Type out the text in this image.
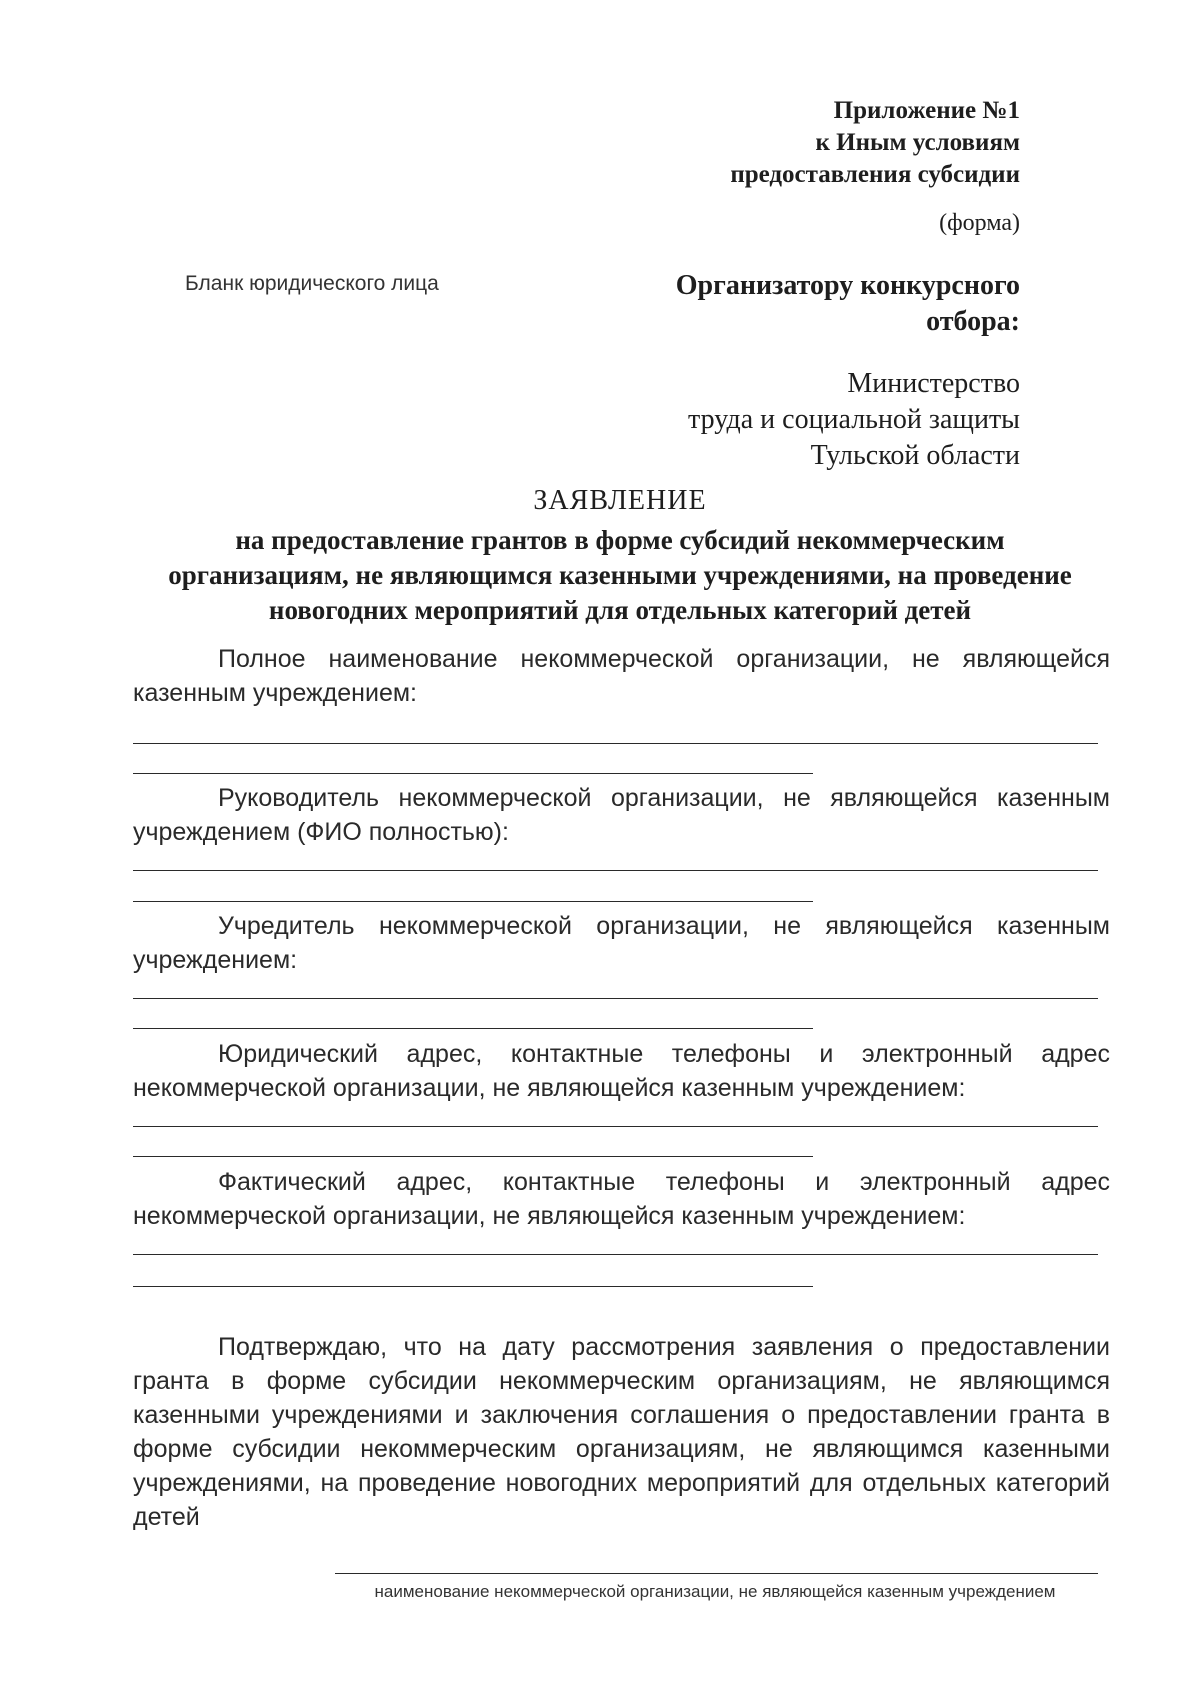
Приложение №1
к Иным условиям
предоставления субсидии
(форма)
Бланк юридического лица	Организатору конкурсного
отбора:
Министерство
труда и социальной защиты
Тульской области
ЗАЯВЛЕНИЕ
на предоставление грантов в форме субсидий некоммерческим
организациям, не являющимся казенными учреждениями, на проведение
новогодних мероприятий для отдельных категорий детей
Полное наименование некоммерческой организации, не являющейся казенным учреждением:
Руководитель некоммерческой организации, не являющейся казенным учреждением (ФИО полностью):
Учредитель некоммерческой организации, не являющейся казенным учреждением:
Юридический адрес, контактные телефоны и электронный адрес некоммерческой организации, не являющейся казенным учреждением:
Фактический адрес, контактные телефоны и электронный адрес некоммерческой организации, не являющейся казенным учреждением:
Подтверждаю, что на дату рассмотрения заявления о предоставлении гранта в форме субсидии некоммерческим организациям, не являющимся казенными учреждениями и заключения соглашения о предоставлении гранта в форме субсидии некоммерческим организациям, не являющимся казенными учреждениями, на проведение новогодних мероприятий для отдельных категорий детей
наименование некоммерческой организации, не являющейся казенным учреждением
